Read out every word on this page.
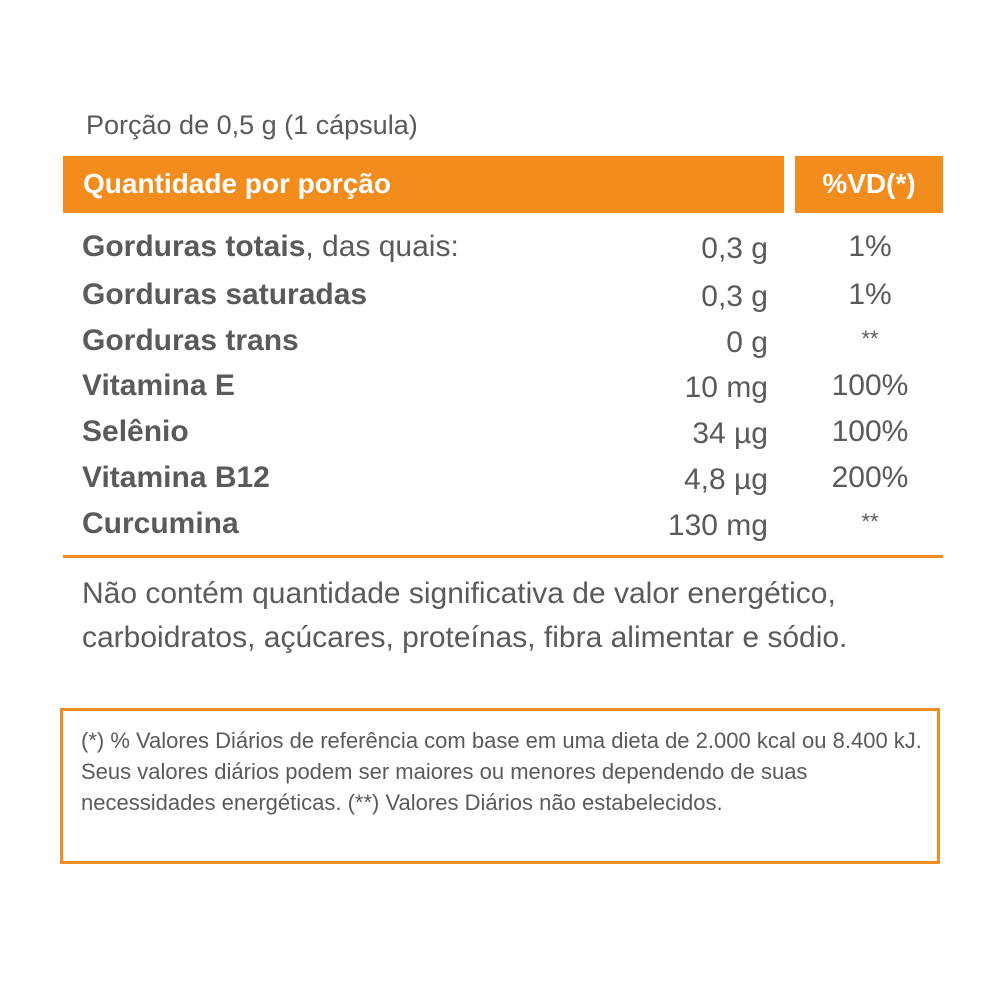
Porção de 0,5 g (1 cápsula)
Quantidade por porção	%VD(*)
Gorduras totais, das quais:	0,3 g	1%
Gorduras saturadas	0,3 g	1%
Gorduras trans	0 g	**
Vitamina E	10 mg	100%
Selênio	34 µg	100%
Vitamina B12	4,8 µg	200%
Curcumina	130 mg	**
Não contém quantidade significativa de valor energético, carboidratos, açúcares, proteínas, fibra alimentar e sódio.

(*) % Valores Diários de referência com base em uma dieta de 2.000 kcal ou 8.400 kJ. Seus valores diários podem ser maiores ou menores dependendo de suas necessidades energéticas. (**) Valores Diários não estabelecidos.
